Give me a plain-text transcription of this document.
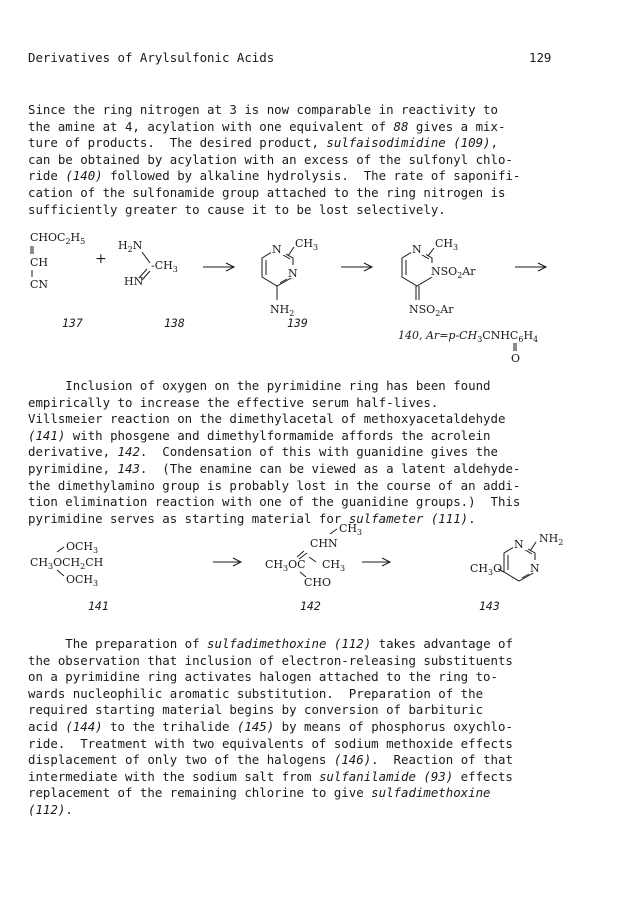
Derivatives of Arylsulfonic Acids	129
Since the ring nitrogen at 3 is now comparable in reactivity to
the amine at 4, acylation with one equivalent of 88 gives a mix-
ture of products.  The desired product, sulfaisodimidine (109),
can be obtained by acylation with an excess of the sulfonyl chlo-
ride (140) followed by alkaline hydrolysis.  The rate of saponifi-
cation of the sulfonamide group attached to the ring nitrogen is
sufficiently greater to cause it to be lost selectively.
$CHOC_2H_5$
CH
CN
+
$H_2N$
$-CH_3$
HN
N
N
$CH_3$
$NH_2$
N
$NSO_2Ar$
$CH_3$
$NSO_2Ar$
137	138	139
140, $Ar=p-CH_3CNHC_6H_4$
O
Inclusion of oxygen on the pyrimidine ring has been found
empirically to increase the effective serum half-lives.
Villsmeier reaction on the dimethylacetal of methoxyacetaldehyde
(141) with phosgene and dimethylformamide affords the acrolein
derivative, 142.  Condensation of this with guanidine gives the
pyrimidine, 143.  (The enamine can be viewed as a latent aldehyde-
the dimethylamino group is probably lost in the course of an addi-
tion elimination reaction with one of the guanidine groups.)  This
pyrimidine serves as starting material for sulfameter (111).
$OCH_3$
$CH_3OCH_2CH$
$OCH_3$
$CH_3$
CHN
$CH_3OC$ $CH_3$
CHO
N
N
$NH_2$
$CH_3O$
141	142	143
The preparation of sulfadimethoxine (112) takes advantage of
the observation that inclusion of electron-releasing substituents
on a pyrimidine ring activates halogen attached to the ring to-
wards nucleophilic aromatic substitution.  Preparation of the
required starting material begins by conversion of barbituric
acid (144) to the trihalide (145) by means of phosphorus oxychlo-
ride.  Treatment with two equivalents of sodium methoxide effects
displacement of only two of the halogens (146).  Reaction of that
intermediate with the sodium salt from sulfanilamide (93) effects
replacement of the remaining chlorine to give sulfadimethoxine
(112).
